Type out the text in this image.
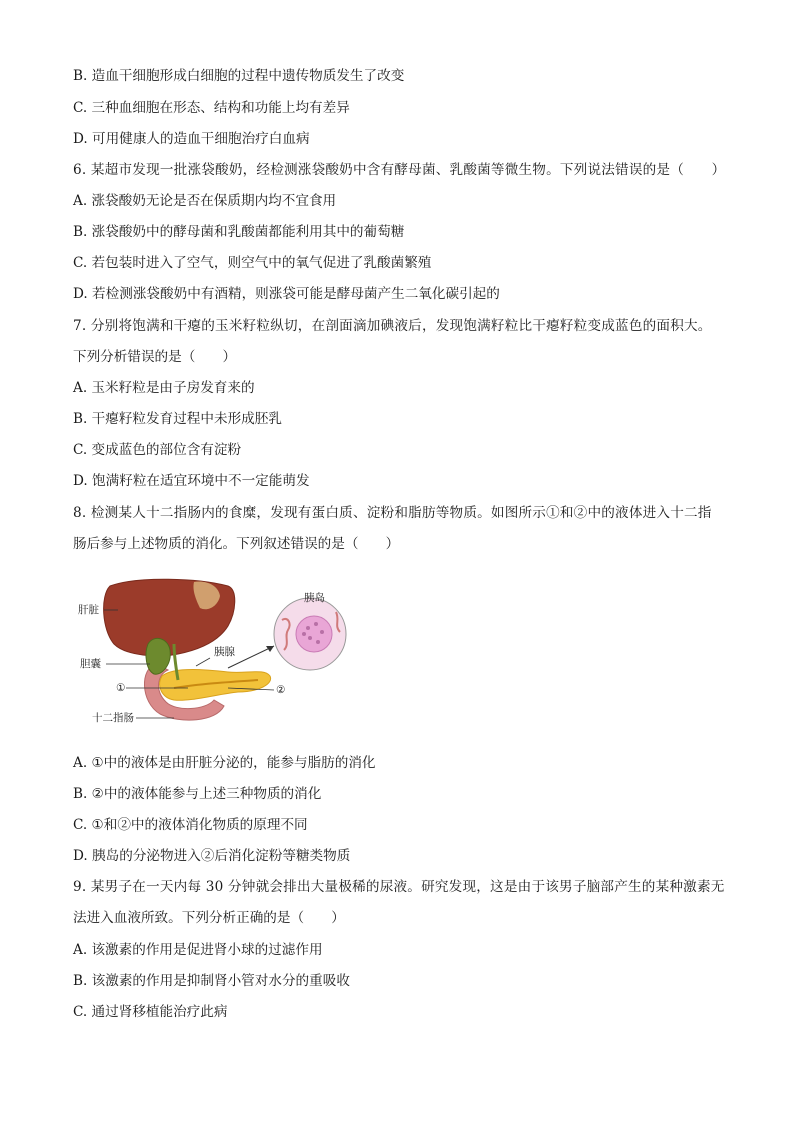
B. 造血干细胞形成白细胞的过程中遗传物质发生了改变
C. 三种血细胞在形态、结构和功能上均有差异
D. 可用健康人的造血干细胞治疗白血病
6. 某超市发现一批涨袋酸奶，经检测涨袋酸奶中含有酵母菌、乳酸菌等微生物。下列说法错误的是（　　）
A. 涨袋酸奶无论是否在保质期内均不宜食用
B. 涨袋酸奶中的酵母菌和乳酸菌都能利用其中的葡萄糖
C. 若包装时进入了空气，则空气中的氧气促进了乳酸菌繁殖
D. 若检测涨袋酸奶中有酒精，则涨袋可能是酵母菌产生二氧化碳引起的
7. 分别将饱满和干瘪的玉米籽粒纵切，在剖面滴加碘液后，发现饱满籽粒比干瘪籽粒变成蓝色的面积大。
下列分析错误的是（　　）
A. 玉米籽粒是由子房发育来的
B. 干瘪籽粒发育过程中未形成胚乳
C. 变成蓝色的部位含有淀粉
D. 饱满籽粒在适宜环境中不一定能萌发
8. 检测某人十二指肠内的食糜，发现有蛋白质、淀粉和脂肪等物质。如图所示①和②中的液体进入十二指
肠后参与上述物质的消化。下列叙述错误的是（　　）
肝脏
胆囊
①
十二指肠
胰腺
胰岛
②
A. ①中的液体是由肝脏分泌的，能参与脂肪的消化
B. ②中的液体能参与上述三种物质的消化
C. ①和②中的液体消化物质的原理不同
D. 胰岛的分泌物进入②后消化淀粉等糖类物质
9. 某男子在一天内每 30 分钟就会排出大量极稀的尿液。研究发现，这是由于该男子脑部产生的某种激素无
法进入血液所致。下列分析正确的是（　　）
A. 该激素的作用是促进肾小球的过滤作用
B. 该激素的作用是抑制肾小管对水分的重吸收
C. 通过肾移植能治疗此病
